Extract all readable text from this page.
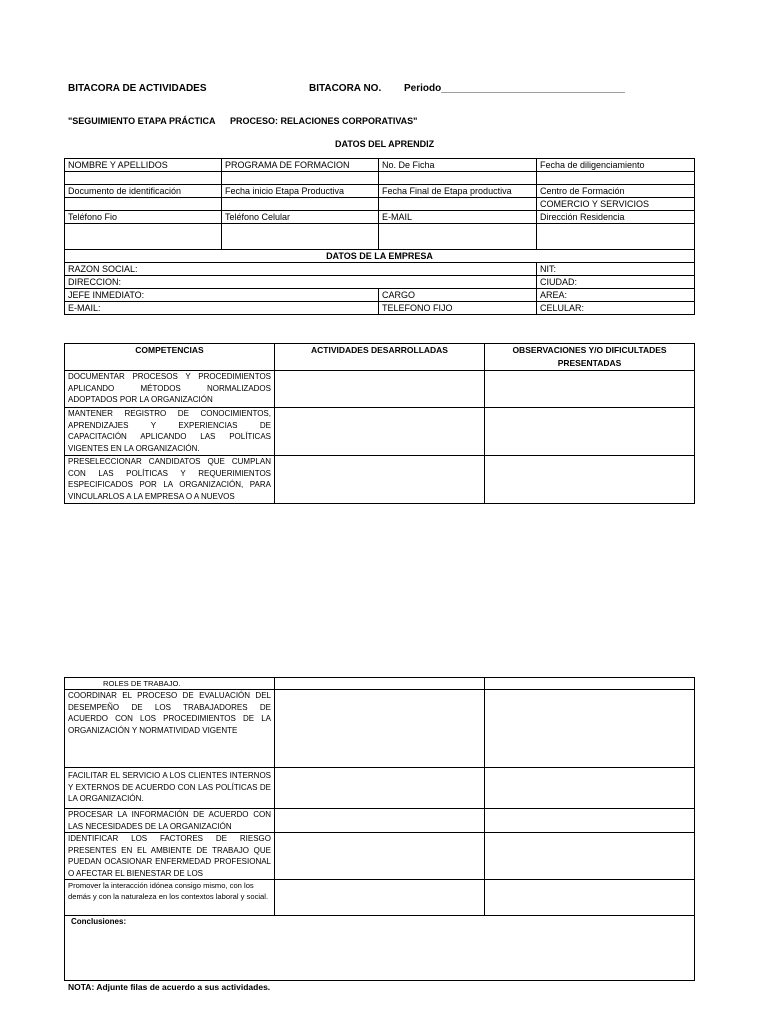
BITACORA DE ACTIVIDADES	BITACORA NO. Periodo_________________________________
"SEGUIMIENTO ETAPA PRÁCTICA PROCESO: RELACIONES CORPORATIVAS"
DATOS DEL APRENDIZ
NOMBRE Y APELLIDOS	PROGRAMA DE FORMACION	No. De Ficha	Fecha de diligenciamiento

Documento de identificación	Fecha inicio Etapa Productiva	Fecha Final de Etapa productiva	Centro de Formación
			COMERCIO Y SERVICIOS
Teléfono Fio	Teléfono Celular	E-MAIL	Dirección Residencia

DATOS DE LA EMPRESA			
RAZON SOCIAL:			NIT:
DIRECCION:			CIUDAD:
JEFE INMEDIATO:		CARGO	AREA:
E-MAIL:		TELEFONO FIJO	CELULAR:
COMPETENCIAS	ACTIVIDADES DESARROLLADAS	OBSERVACIONES Y/O DIFICULTADES PRESENTADAS
DOCUMENTAR PROCESOS Y PROCEDIMIENTOS APLICANDO MÉTODOS NORMALIZADOS ADOPTADOS POR LA ORGANIZACIÓN		
MANTENER REGISTRO DE CONOCIMIENTOS, APRENDIZAJES Y EXPERIENCIAS DE CAPACITACIÓN APLICANDO LAS POLÍTICAS VIGENTES EN LA ORGANIZACIÓN.		
PRESELECCIONAR CANDIDATOS QUE CUMPLAN CON LAS POLÍTICAS Y REQUERIMIENTOS ESPECIFICADOS POR LA ORGANIZACIÓN, PARA VINCULARLOS A LA EMPRESA O A NUEVOS		
ROLES DE TRABAJO.		
COORDINAR EL PROCESO DE EVALUACIÓN DEL DESEMPEÑO DE LOS TRABAJADORES DE ACUERDO CON LOS PROCEDIMIENTOS DE LA ORGANIZACIÓN Y NORMATIVIDAD VIGENTE		
FACILITAR EL SERVICIO A LOS CLIENTES INTERNOS Y EXTERNOS DE ACUERDO CON LAS POLÍTICAS DE LA ORGANIZACIÓN.		
PROCESAR LA INFORMACIÓN DE ACUERDO CON LAS NECESIDADES DE LA ORGANIZACIÓN		
IDENTIFICAR LOS FACTORES DE RIESGO PRESENTES EN EL AMBIENTE DE TRABAJO QUE PUEDAN OCASIONAR ENFERMEDAD PROFESIONAL O AFECTAR EL BIENESTAR DE LOS		
Promover la interacción idónea consigo mismo, con los demás y con la naturaleza en los contextos laboral y social.		
Conclusiones:		
NOTA: Adjunte filas de acuerdo a sus actividades.
